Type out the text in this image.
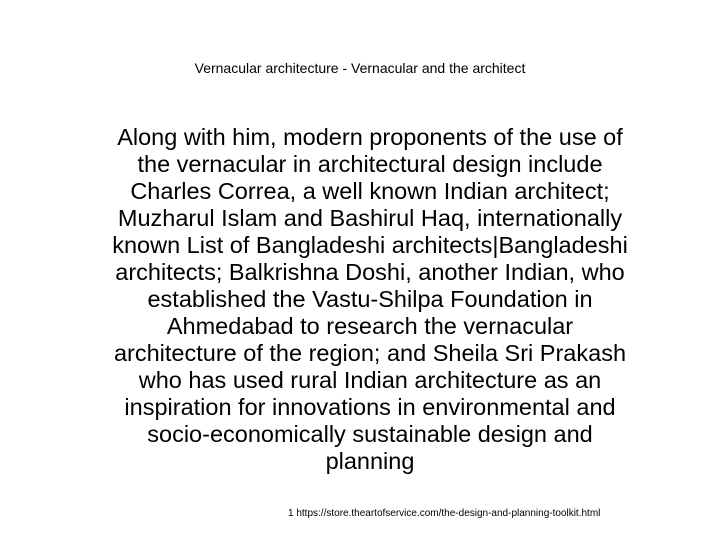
Vernacular architecture - Vernacular and the architect
Along with him, modern proponents of the use of
the vernacular in architectural design include
Charles Correa, a well known Indian architect;
Muzharul Islam and Bashirul Haq, internationally
known List of Bangladeshi architects|Bangladeshi
architects; Balkrishna Doshi, another Indian, who
established the Vastu-Shilpa Foundation in
Ahmedabad to research the vernacular
architecture of the region; and Sheila Sri Prakash
who has used rural Indian architecture as an
inspiration for innovations in environmental and
socio-economically sustainable design and
planning
1 https://store.theartofservice.com/the-design-and-planning-toolkit.html
